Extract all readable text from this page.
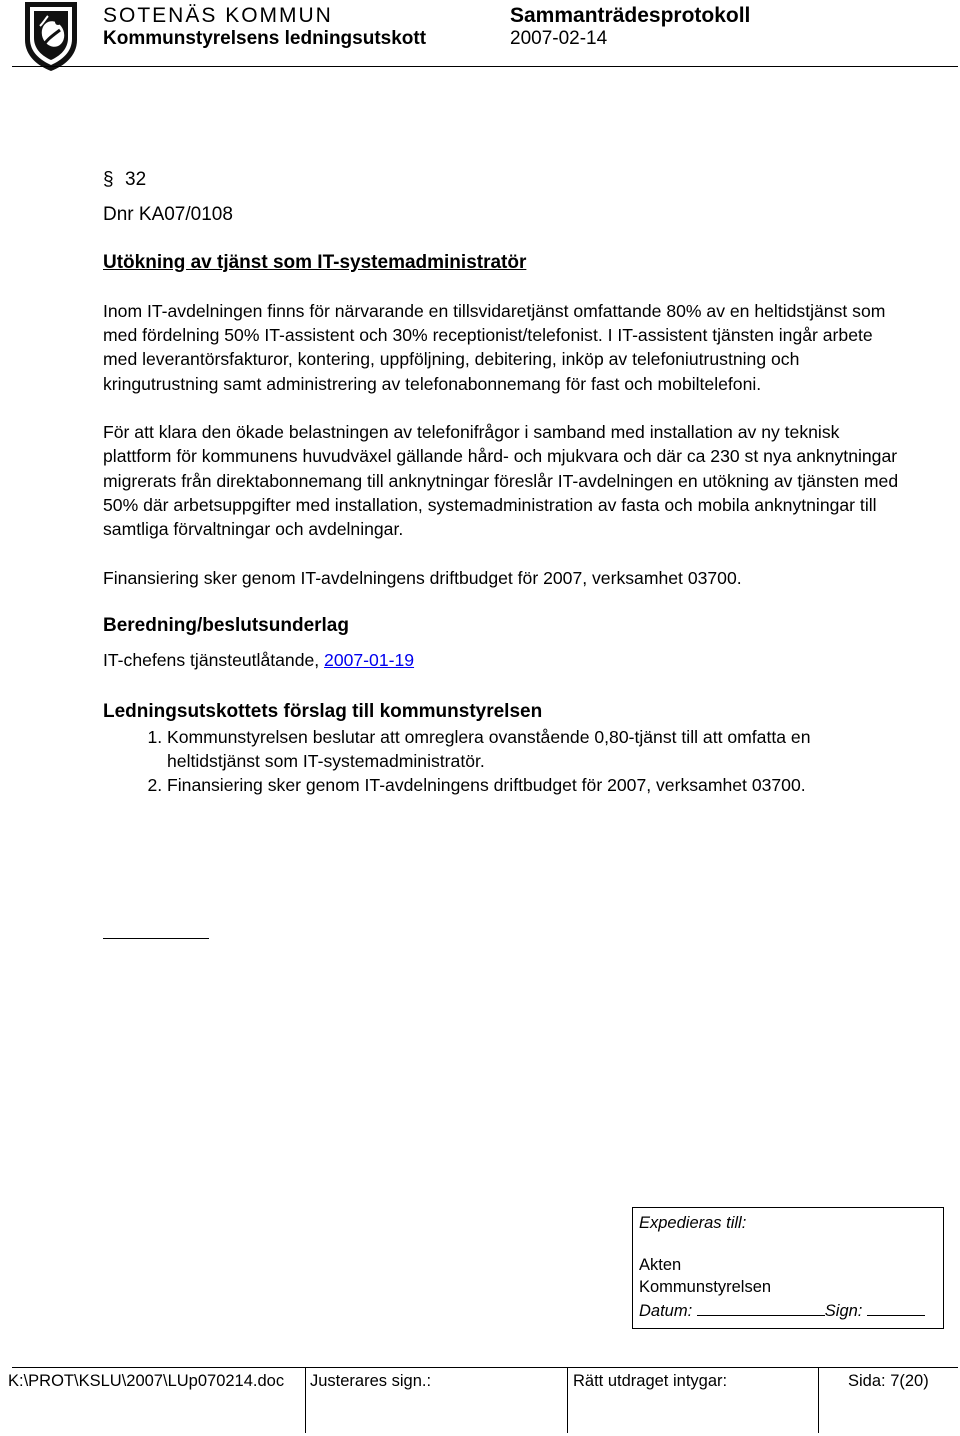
SOTENÄS KOMMUN	Sammanträdesprotokoll
Kommunstyrelsens ledningsutskott	2007-02-14
§ 32
Dnr KA07/0108
Utökning av tjänst som IT-systemadministratör

Inom IT-avdelningen finns för närvarande en tillsvidaretjänst omfattande 80% av en heltidstjänst som med fördelning 50% IT-assistent och 30% receptionist/telefonist. I IT-assistent tjänsten ingår arbete med leverantörsfakturor, kontering, uppföljning, debitering, inköp av telefoniutrustning och kringutrustning samt administrering av telefonabonnemang för fast och mobiltelefoni.

För att klara den ökade belastningen av telefonifrågor i samband med installation av ny teknisk plattform för kommunens huvudväxel gällande hård- och mjukvara och där ca 230 st nya anknytningar migrerats från direktabonnemang till anknytningar föreslår IT-avdelningen en utökning av tjänsten med 50% där arbetsuppgifter med installation, systemadministration av fasta och mobila anknytningar till samtliga förvaltningar och avdelningar.

Finansiering sker genom IT-avdelningens driftbudget för 2007, verksamhet 03700.

Beredning/beslutsunderlag
IT-chefens tjänsteutlåtande, 2007-01-19
Ledningsutskottets förslag till kommunstyrelsen
1. Kommunstyrelsen beslutar att omreglera ovanstående 0,80-tjänst till att omfatta en heltidstjänst som IT-systemadministratör.
2. Finansiering sker genom IT-avdelningens driftbudget för 2007, verksamhet 03700.
Expedieras till:
Akten
Kommunstyrelsen
Datum:	Sign:
K:\PROT\KSLU\2007\LUp070214.doc	Justerares sign.:	Rätt utdraget intygar:	Sida: 7(20)
